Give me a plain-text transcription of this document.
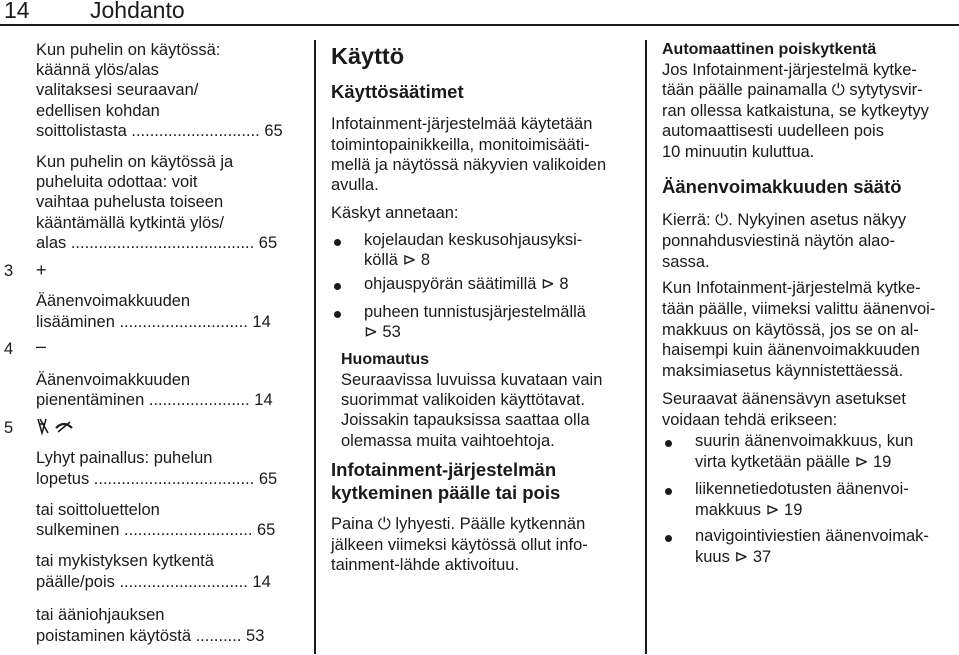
14	Johdanto
Kun puhelin on käytössä:
käännä ylös/alas
valitaksesi seuraavan/
edellisen kohdan
soittolistasta ............................ 65
Kun puhelin on käytössä ja
puheluita odottaa: voit
vaihtaa puhelusta toiseen
kääntämällä kytkintä ylös/
alas ........................................ 65
3 +
Äänenvoimakkuuden
lisääminen ............................ 14
4 –
Äänenvoimakkuuden
pienentäminen ...................... 14
5
Lyhyt painallus: puhelun
lopetus ................................... 65
tai soittoluettelon
sulkeminen ............................ 65
tai mykistyksen kytkentä
päälle/pois ............................ 14
tai ääniohjauksen
poistaminen käytöstä .......... 53
Käyttö
Käyttösäätimet
Infotainment-järjestelmää käytetään
toimintopainikkeilla, monitoimisääti-
mellä ja näytössä näkyvien valikoiden
avulla.
Käskyt annetaan:
kojelaudan keskusohjausyksi-
köllä ⊳ 8
ohjauspyörän säätimillä ⊳ 8
puheen tunnistusjärjestelmällä
⊳ 53
Huomautus
Seuraavissa luvuissa kuvataan vain
suorimmat valikoiden käyttötavat.
Joissakin tapauksissa saattaa olla
olemassa muita vaihtoehtoja.
Infotainment-järjestelmän
kytkeminen päälle tai pois
Paina ⏻ lyhyesti. Päälle kytkennän
jälkeen viimeksi käytössä ollut info-
tainment-lähde aktivoituu.
Automaattinen poiskytkentä
Jos Infotainment-järjestelmä kytke-
tään päälle painamalla ⏻ sytytysvir-
ran ollessa katkaistuna, se kytkeytyy
automaattisesti uudelleen pois
10 minuutin kuluttua.
Äänenvoimakkuuden säätö
Kierrä: ⏻. Nykyinen asetus näkyy
ponnahdusviestinä näytön alaо-
sassa.
Kun Infotainment-järjestelmä kytke-
tään päälle, viimeksi valittu äänenvoi-
makkuus on käytössä, jos se on al-
haisempi kuin äänenvoimakkuuden
maksimiasetus käynnistettäessä.
Seuraavat äänensävyn asetukset
voidaan tehdä erikseen:
suurin äänenvoimakkuus, kun
virta kytketään päälle ⊳ 19
liikennetiedotusten äänenvoi-
makkuus ⊳ 19
navigointiviestien äänenvoimak-
kuus ⊳ 37
